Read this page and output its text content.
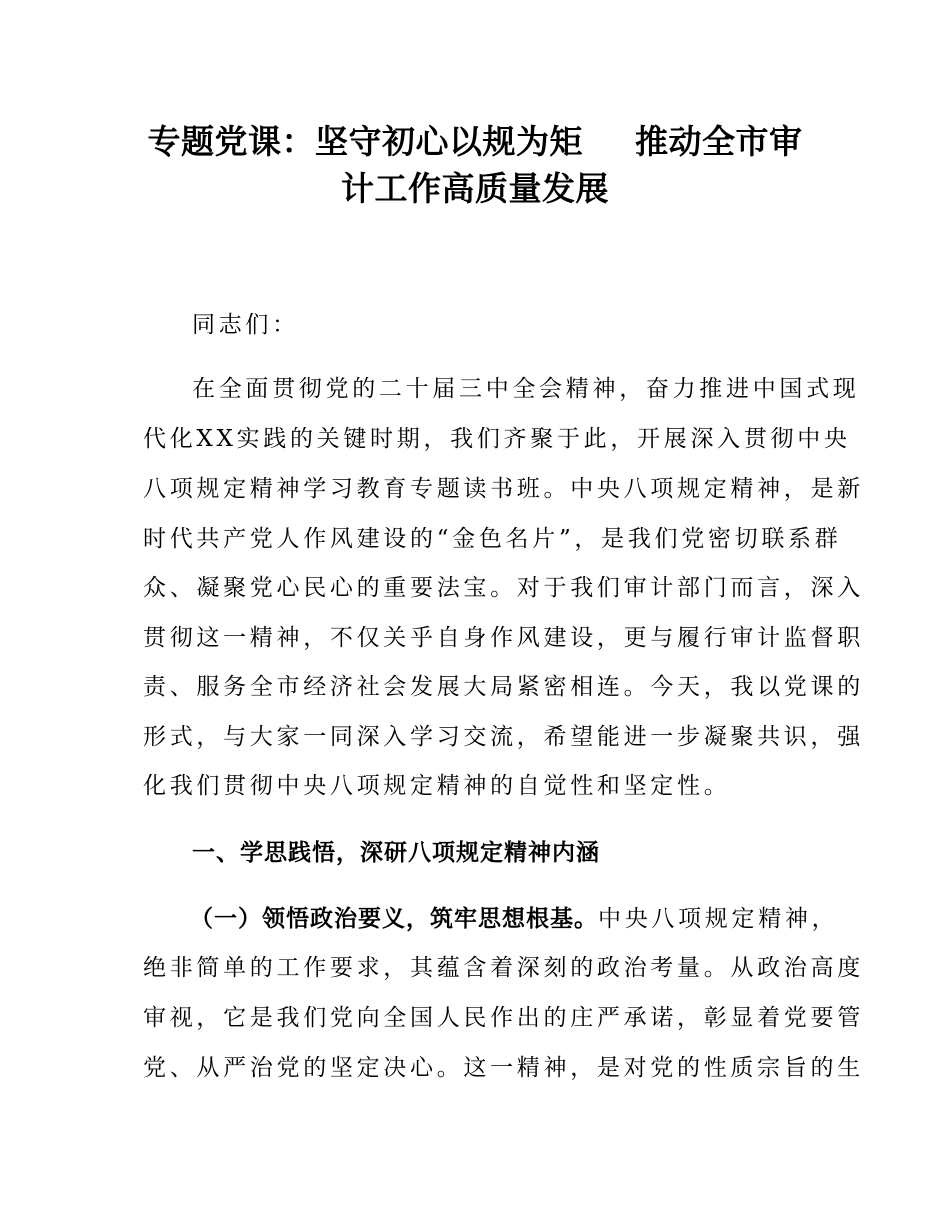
专题党课：坚守初心以规为矩 推动全市审
计工作高质量发展
同志们：
在全面贯彻党的二十届三中全会精神，奋力推进中国式现
代化XX实践的关键时期，我们齐聚于此，开展深入贯彻中央
八项规定精神学习教育专题读书班。中央八项规定精神，是新
时代共产党人作风建设的“金色名片”，是我们党密切联系群
众、凝聚党心民心的重要法宝。对于我们审计部门而言，深入
贯彻这一精神，不仅关乎自身作风建设，更与履行审计监督职
责、服务全市经济社会发展大局紧密相连。今天，我以党课的
形式，与大家一同深入学习交流，希望能进一步凝聚共识，强
化我们贯彻中央八项规定精神的自觉性和坚定性。
一、学思践悟，深研八项规定精神内涵
（一）领悟政治要义，筑牢思想根基。中央八项规定精神，
绝非简单的工作要求，其蕴含着深刻的政治考量。从政治高度
审视，它是我们党向全国人民作出的庄严承诺，彰显着党要管
党、从严治党的坚定决心。这一精神，是对党的性质宗旨的生
